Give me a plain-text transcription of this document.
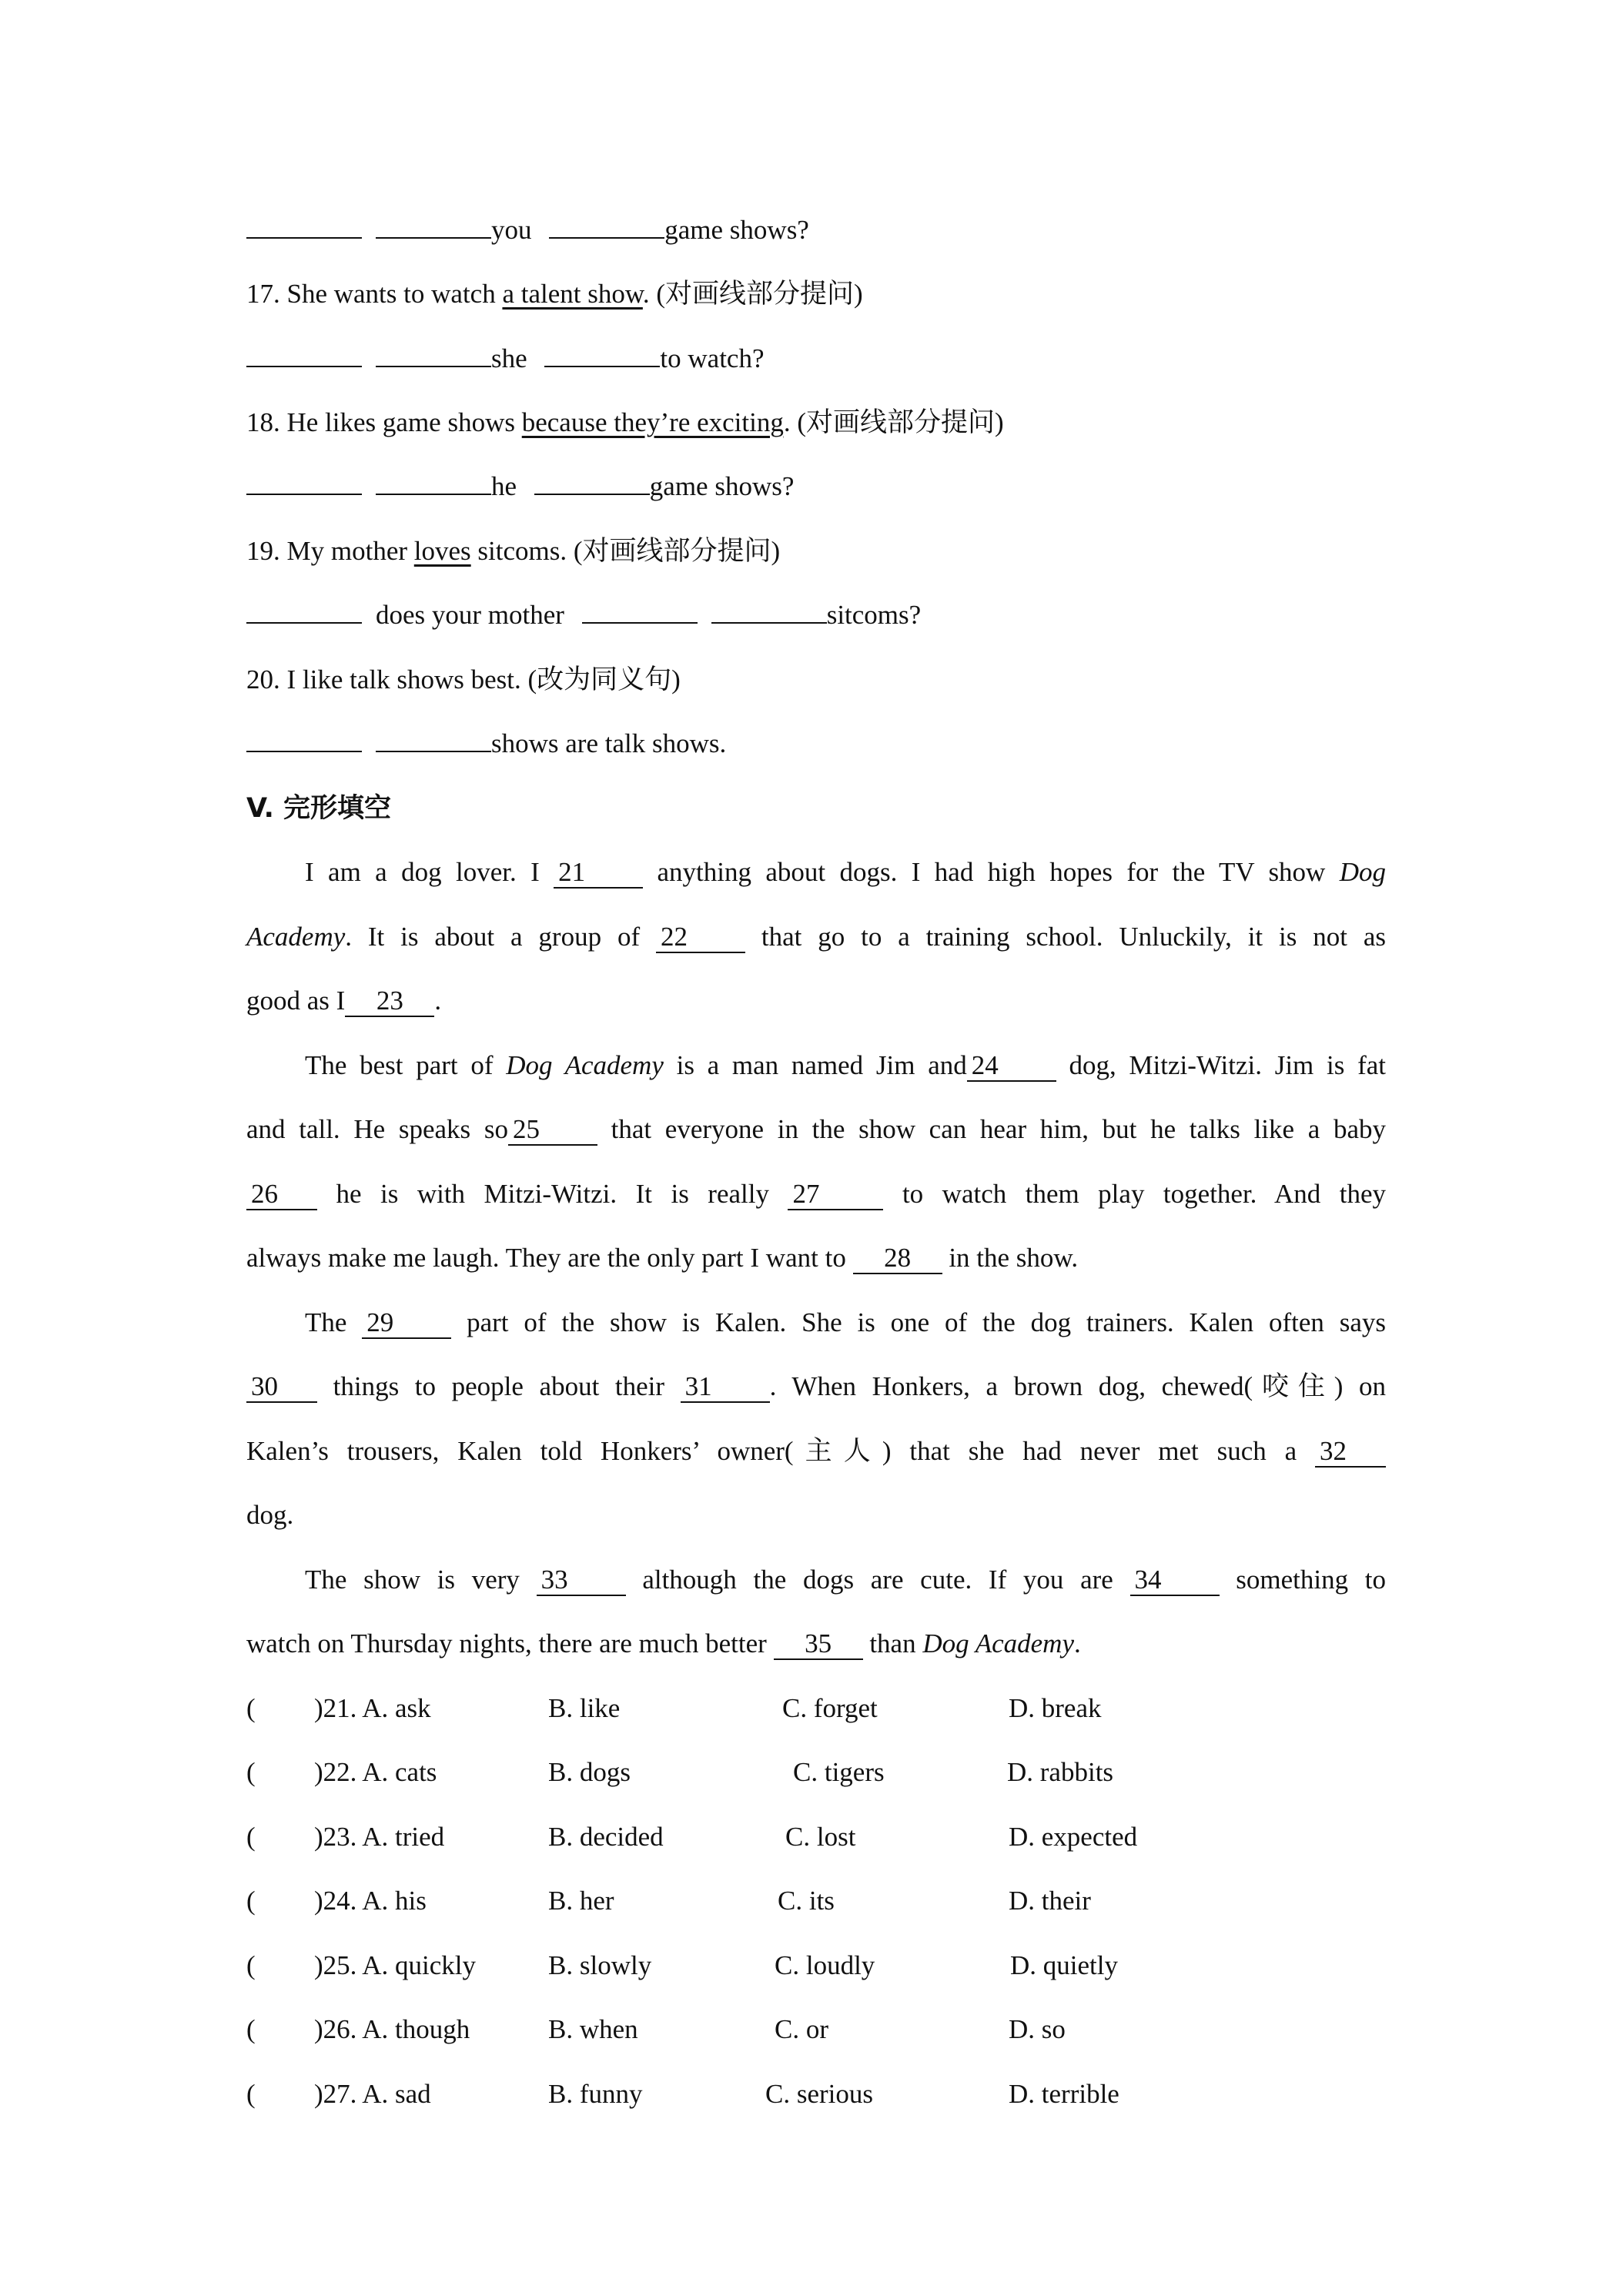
you	game shows?
17. She wants to watch a talent show. (对画线部分提问)
she	to watch?
18. He likes game shows because they’re exciting. (对画线部分提问)
he	game shows?
19. My mother loves sitcoms. (对画线部分提问)
does your mother	sitcoms?
20. I like talk shows best. (改为同义句)
shows are talk shows.
V. 完形填空
I am a dog lover. I 21 anything about dogs. I had high hopes for the TV show Dog
Academy. It is about a group of 22 that go to a training school. Unluckily, it is not as
good as I 23 .
The best part of Dog Academy is a man named Jim and 24 dog, Mitzi-Witzi. Jim is fat
and tall. He speaks so 25 that everyone in the show can hear him, but he talks like a baby
26 he is with Mitzi-Witzi. It is really 27 to watch them play together. And they
always make me laugh. They are the only part I want to 28 in the show.
The 29 part of the show is Kalen. She is one of the dog trainers. Kalen often says
30 things to people about their 31 . When Honkers, a brown dog, chewed(咬住) on
Kalen’s trousers, Kalen told Honkers’ owner(主人) that she had never met such a 32
dog.
The show is very 33 although the dogs are cute. If you are 34 something to
watch on Thursday nights, there are much better 35 than Dog Academy.
( )21. A. ask	B. like	C. forget	D. break
( )22. A. cats	B. dogs	C. tigers	D. rabbits
( )23. A. tried	B. decided	C. lost	D. expected
( )24. A. his	B. her	C. its	D. their
( )25. A. quickly	B. slowly	C. loudly	D. quietly
( )26. A. though	B. when	C. or	D. so
( )27. A. sad	B. funny	C. serious	D. terrible
